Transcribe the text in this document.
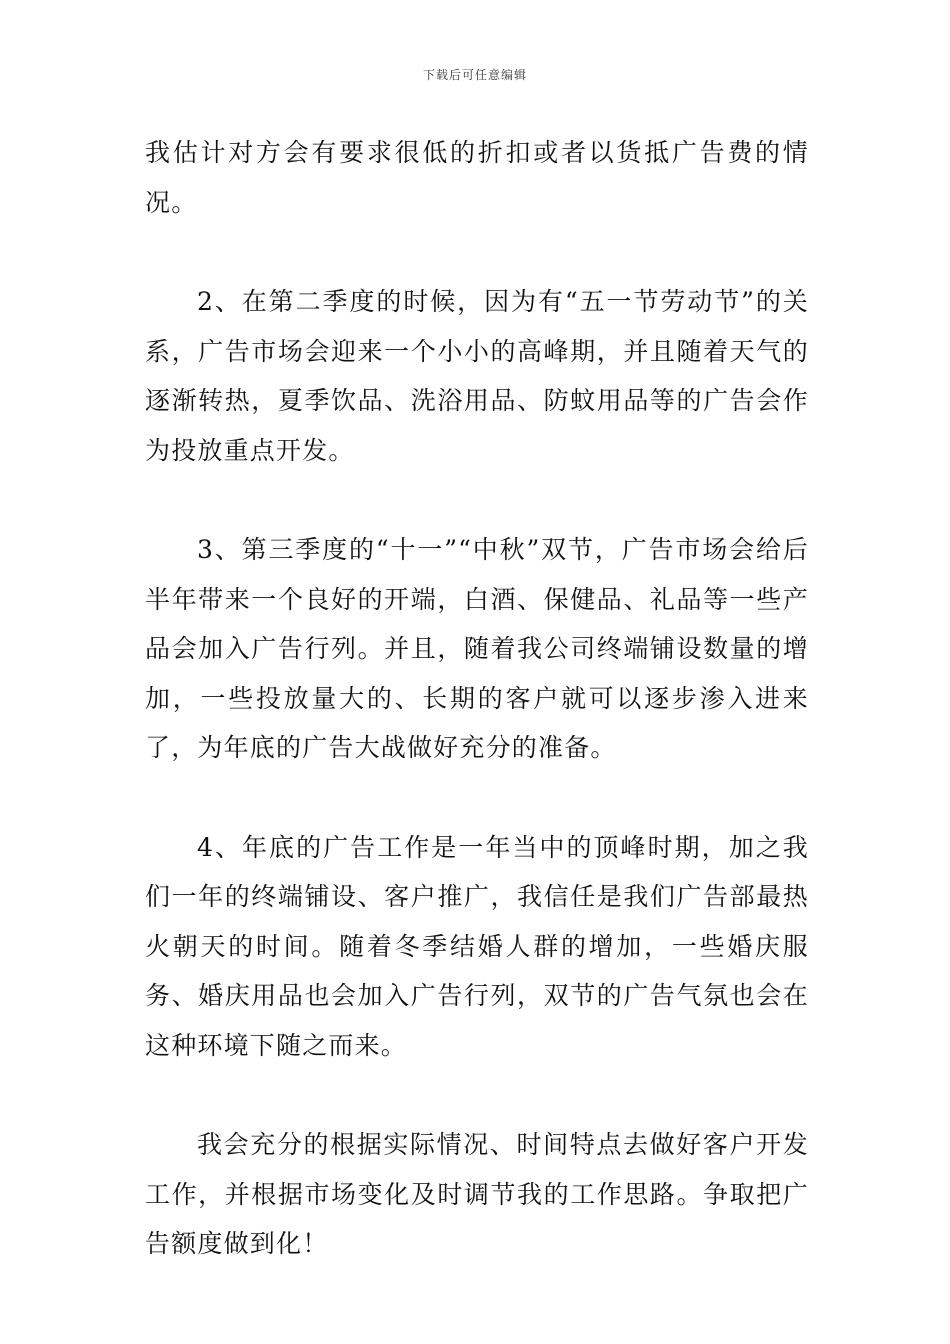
下载后可任意编辑

我估计对方会有要求很低的折扣或者以货抵广告费的情况。

2、在第二季度的时候，因为有“五一节劳动节”的关系，广告市场会迎来一个小小的高峰期，并且随着天气的逐渐转热，夏季饮品、洗浴用品、防蚊用品等的广告会作为投放重点开发。

3、第三季度的“十一”“中秋”双节，广告市场会给后半年带来一个良好的开端，白酒、保健品、礼品等一些产品会加入广告行列。并且，随着我公司终端铺设数量的增加，一些投放量大的、长期的客户就可以逐步渗入进来了，为年底的广告大战做好充分的准备。

4、年底的广告工作是一年当中的顶峰时期，加之我们一年的终端铺设、客户推广，我信任是我们广告部最热火朝天的时间。随着冬季结婚人群的增加，一些婚庆服务、婚庆用品也会加入广告行列，双节的广告气氛也会在这种环境下随之而来。

我会充分的根据实际情况、时间特点去做好客户开发工作，并根据市场变化及时调节我的工作思路。争取把广告额度做到化！
